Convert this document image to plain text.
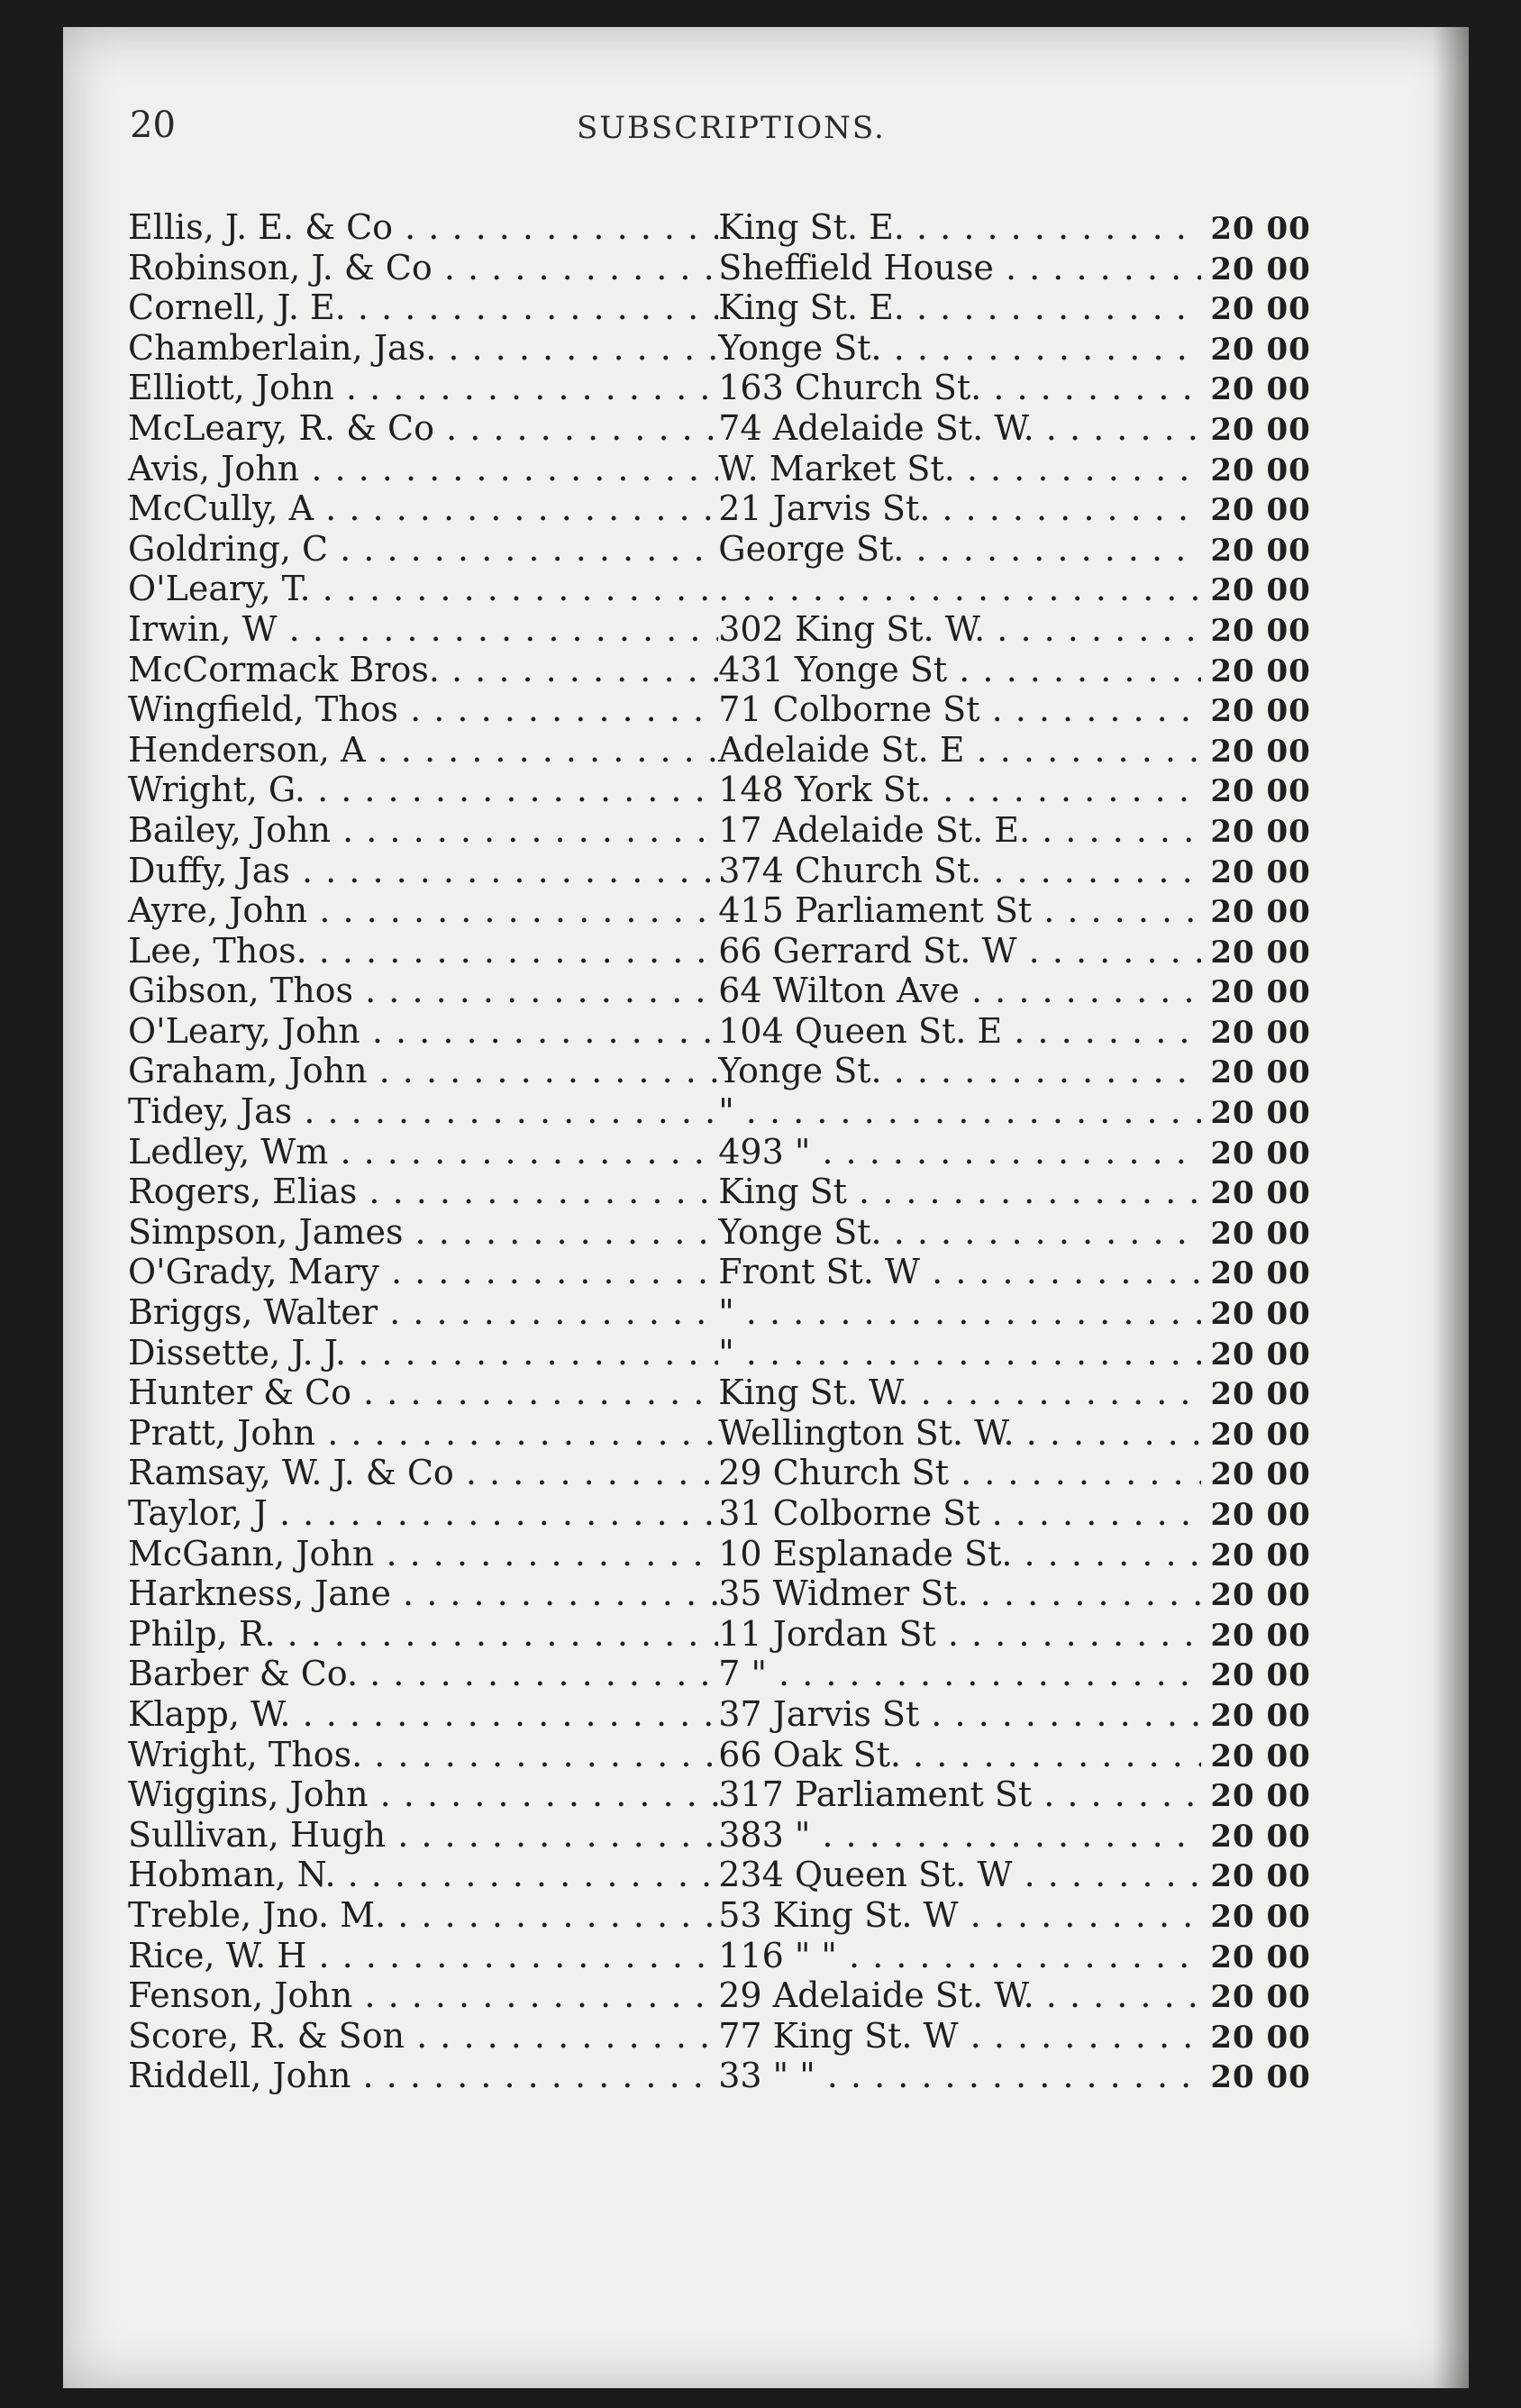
20	SUBSCRIPTIONS.
Ellis, J. E. & Co . . .	King St. E. . . .	20 00
Robinson, J. & Co . . .	Sheffield House . . .	20 00
Cornell, J. E. . . .	King St. E. . . .	20 00
Chamberlain, Jas. . . .	Yonge St. . . .	20 00
Elliott, John . . .	163 Church St. . . .	20 00
McLeary, R. & Co . . .	74 Adelaide St. W. . . .	20 00
Avis, John . . .	W. Market St. . . .	20 00
McCully, A . . .	21 Jarvis St. . . .	20 00
Goldring, C . . .	George St. . . .	20 00
O'Leary, T. . . .
. . .	20 00
Irwin, W . . .	302 King St. W. . . .	20 00
McCormack Bros. . . .	431 Yonge St . . .	20 00
Wingfield, Thos . . .	71 Colborne St . . .	20 00
Henderson, A . . .	Adelaide St. E . . .	20 00
Wright, G. . . .	148 York St. . . .	20 00
Bailey, John . . .	17 Adelaide St. E. . . .	20 00
Duffy, Jas . . .	374 Church St. . . .	20 00
Ayre, John . . .	415 Parliament St . . .	20 00
Lee, Thos. . . .	66 Gerrard St. W . . .	20 00
Gibson, Thos . . .	64 Wilton Ave . . .	20 00
O'Leary, John . . .	104 Queen St. E . . .	20 00
Graham, John . . .	Yonge St. . . .	20 00
Tidey, Jas . . .	" . . .	20 00
Ledley, Wm . . .	493 " . . .	20 00
Rogers, Elias . . .	King St . . .	20 00
Simpson, James . . .	Yonge St. . . .	20 00
O'Grady, Mary . . .	Front St. W . . .	20 00
Briggs, Walter . . .	" . . .	20 00
Dissette, J. J. . . .	" . . .	20 00
Hunter & Co . . .	King St. W. . . .	20 00
Pratt, John . . .	Wellington St. W. . . .	20 00
Ramsay, W. J. & Co . . .	29 Church St . . .	20 00
Taylor, J . . .	31 Colborne St . . .	20 00
McGann, John . . .	10 Esplanade St. . . .	20 00
Harkness, Jane . . .	35 Widmer St. . . .	20 00
Philp, R. . . .	11 Jordan St . . .	20 00
Barber & Co. . . .	7 " . . .	20 00
Klapp, W. . . .	37 Jarvis St . . .	20 00
Wright, Thos. . . .	66 Oak St. . . .	20 00
Wiggins, John . . .	317 Parliament St . . .	20 00
Sullivan, Hugh . . .	383 " . . .	20 00
Hobman, N. . . .	234 Queen St. W . . .	20 00
Treble, Jno. M. . . .	53 King St. W . . .	20 00
Rice, W. H . . .	116 " " . . .	20 00
Fenson, John . . .	29 Adelaide St. W. . . .	20 00
Score, R. & Son . . .	77 King St. W . . .	20 00
Riddell, John . . .	33 " " . . .	20 00
